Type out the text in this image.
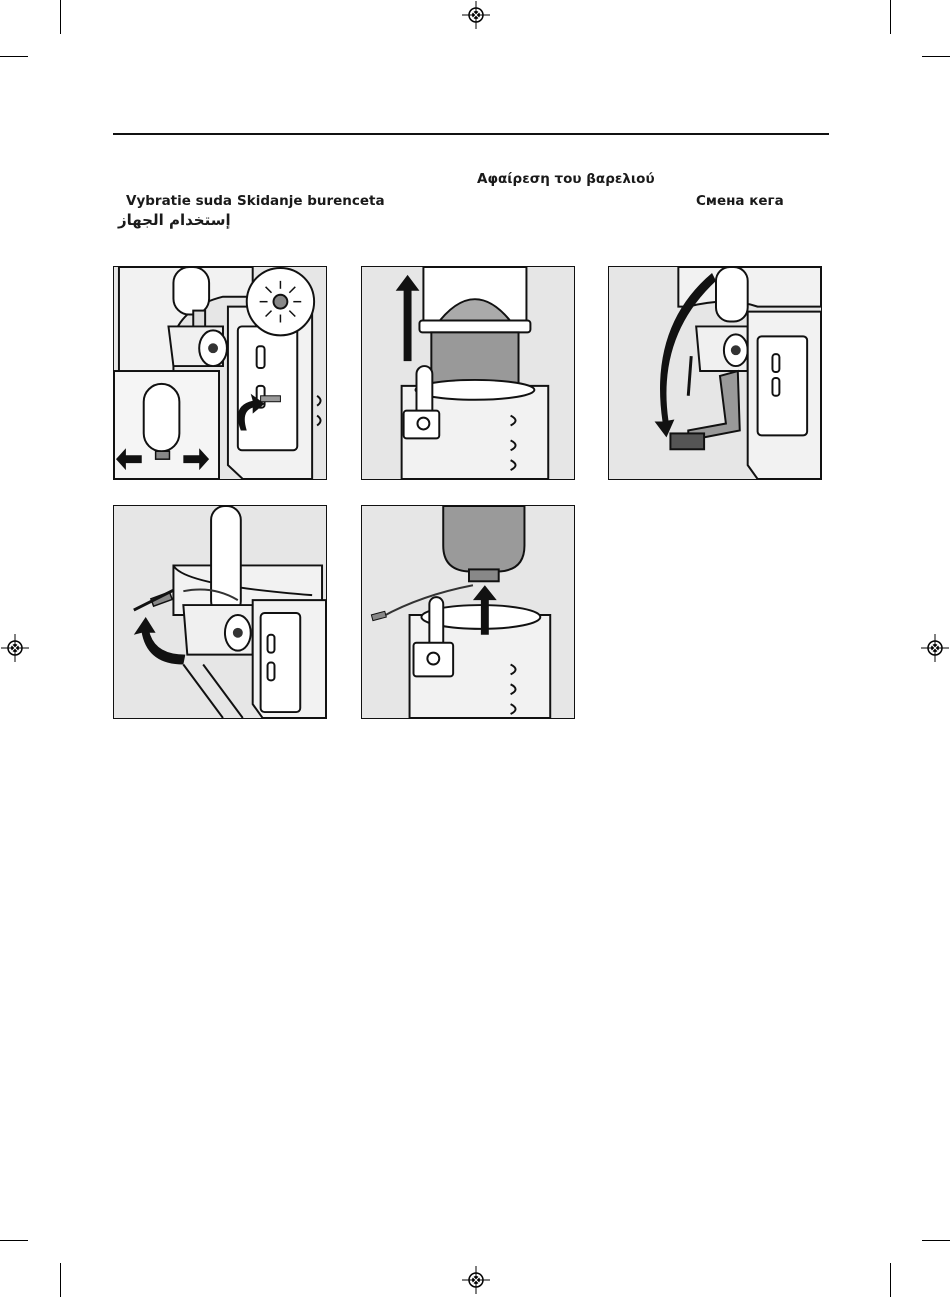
Vybratie suda Skidanje burenceta
Αφαίρεση του βαρελιού
Смена кега
إستخدام الجهاز
